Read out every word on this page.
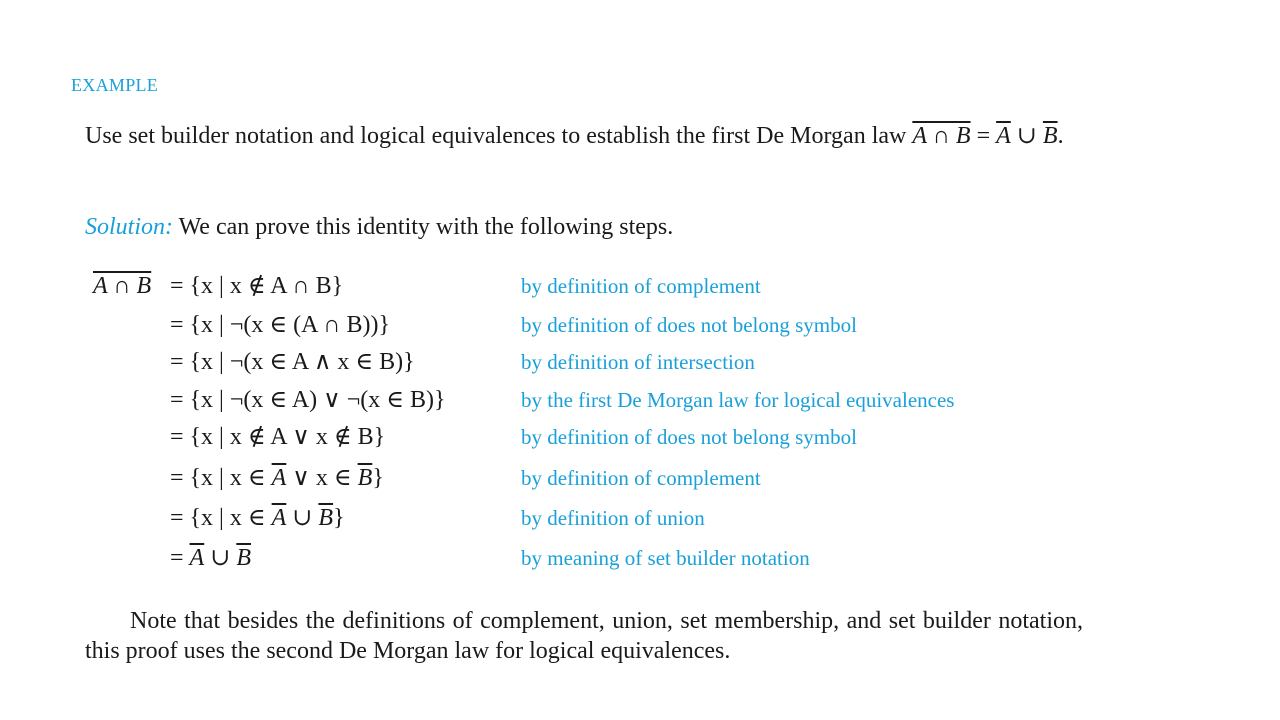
EXAMPLE
Use set builder notation and logical equivalences to establish the first De Morgan law A ∩ $B = \overline{A}$ ∪ $\overline{B}$.
Solution: We can prove this identity with the following steps.
A ∩ B = {x | x ∉ A ∩ B}	by definition of complement
= {x | ¬(x ∈ (A ∩ B))}	by definition of does not belong symbol
= {x | ¬(x ∈ A ∧ x ∈ B)}	by definition of intersection
= {x | ¬(x ∈ A) ∨ ¬(x ∈ B)}	by the first De Morgan law for logical equivalences
= {x | x ∉ A ∨ x ∉ B}	by definition of does not belong symbol
= {x | x ∈ $\overline{A}$ ∨ x ∈ $\overline{B}$}	by definition of complement
= {x | x ∈ $\overline{A}$ ∪ $\overline{B}$}	by definition of union
= $\overline{A}$ ∪ $\overline{B}$	by meaning of set builder notation
Note that besides the definitions of complement, union, set membership, and set builder notation, this proof uses the second De Morgan law for logical equivalences.
